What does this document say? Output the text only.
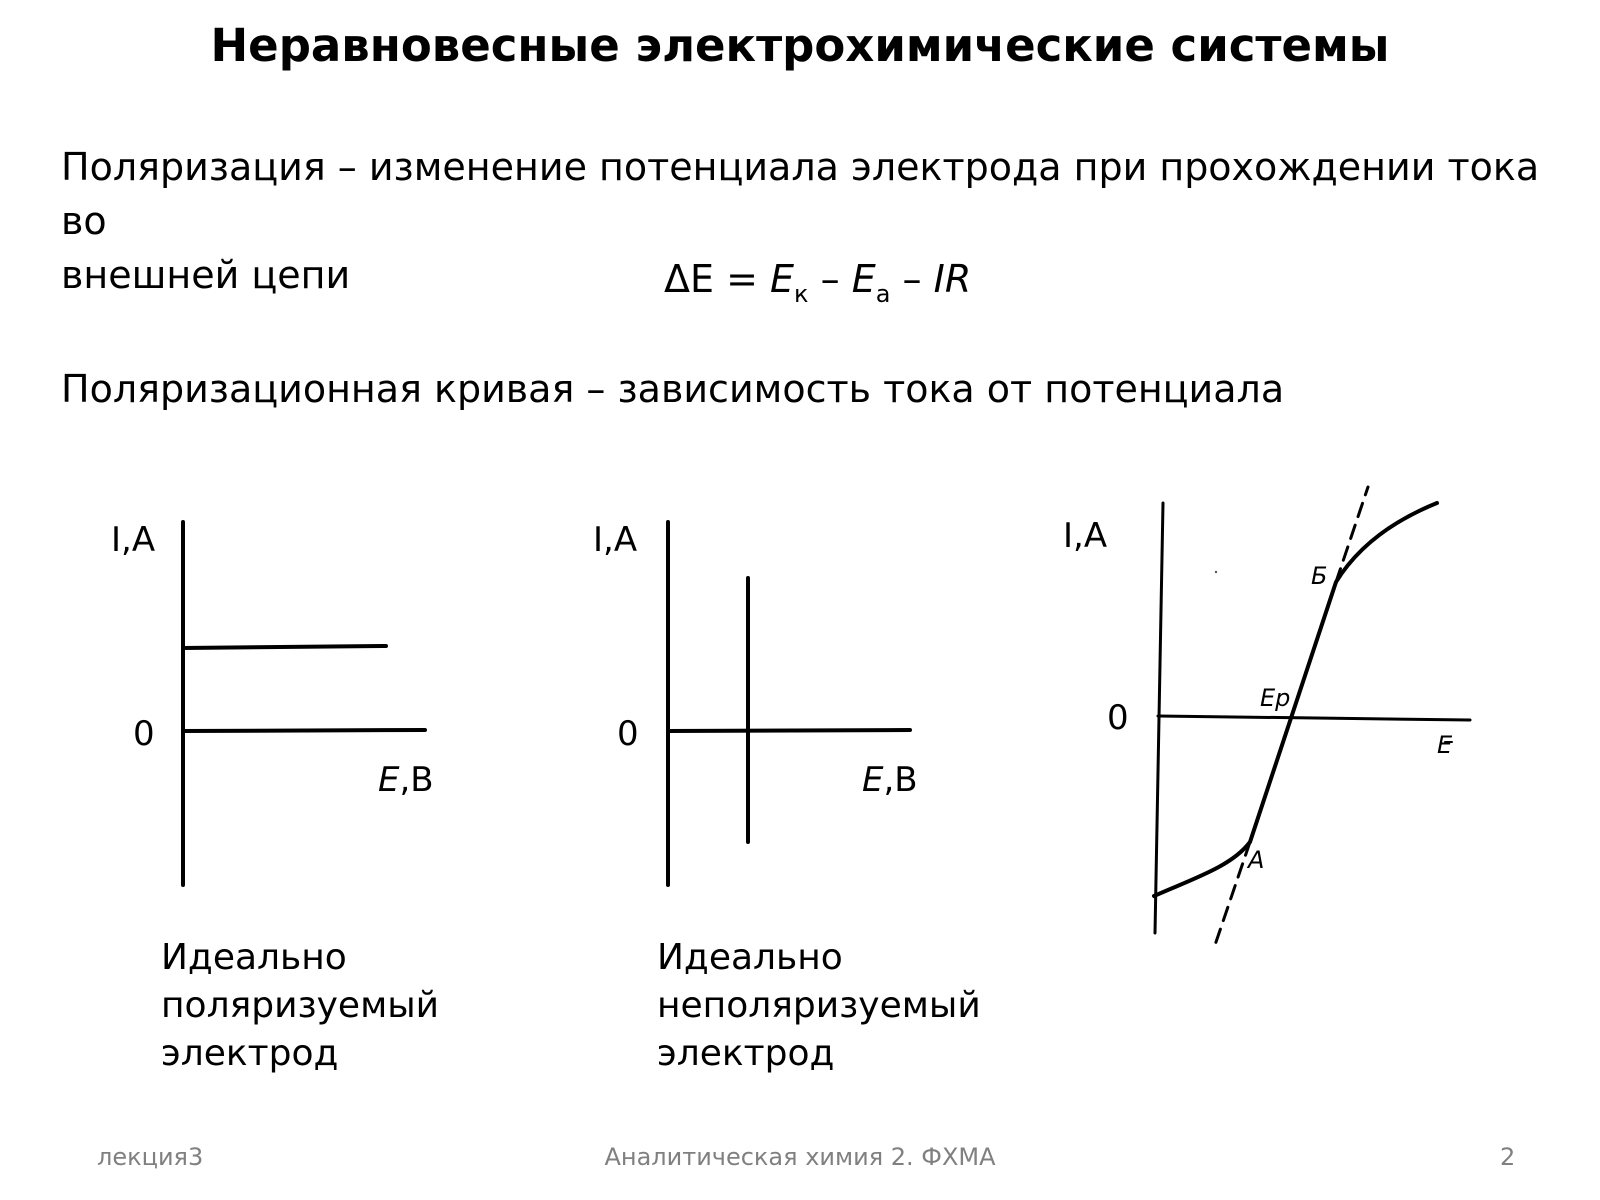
Неравновесные электрохимические системы
Поляризация – изменение потенциала электрода при прохождении тока во
внешней цепи	$\Delta E = E_к - E_а$ – IR
Поляризационная кривая – зависимость тока от потенциала
I,A
0
E,В
Идеально
поляризуемый
электрод
I,A
0
E,В
Идеально
неполяризуемый
электрод
I,A
0
E
Б
Eр
А
лекция3	Аналитическая химия 2. ФХМА	2
